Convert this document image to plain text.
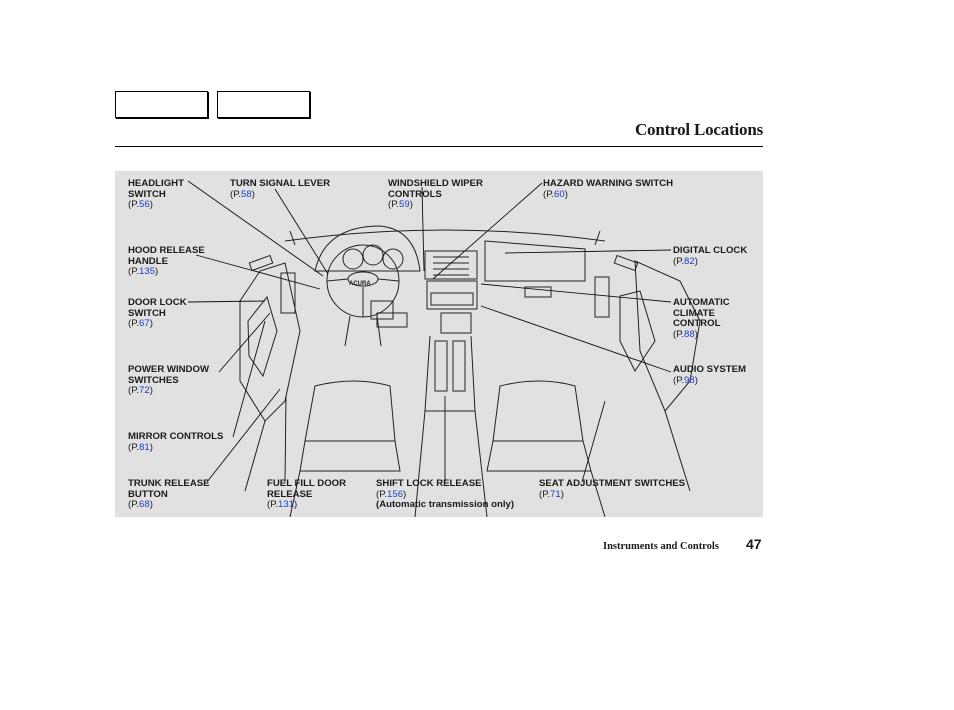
Control Locations
ACURA
HEADLIGHT
SWITCH
(P.56)
TURN SIGNAL LEVER
(P.58)
WINDSHIELD WIPER
CONTROLS
(P.59)
HAZARD WARNING SWITCH
(P.60)
HOOD RELEASE
HANDLE
(P.135)
DIGITAL CLOCK
(P.82)
DOOR LOCK
SWITCH
(P.67)
AUTOMATIC
CLIMATE
CONTROL
(P.88)
POWER WINDOW
SWITCHES
(P.72)
AUDIO SYSTEM
(P.98)
MIRROR CONTROLS
(P.81)
TRUNK RELEASE
BUTTON
(P.68)
FUEL FILL DOOR
RELEASE
(P.131)
SHIFT LOCK RELEASE
(P.156)
(Automatic transmission only)
SEAT ADJUSTMENT SWITCHES
(P.71)
Instruments and Controls 47
